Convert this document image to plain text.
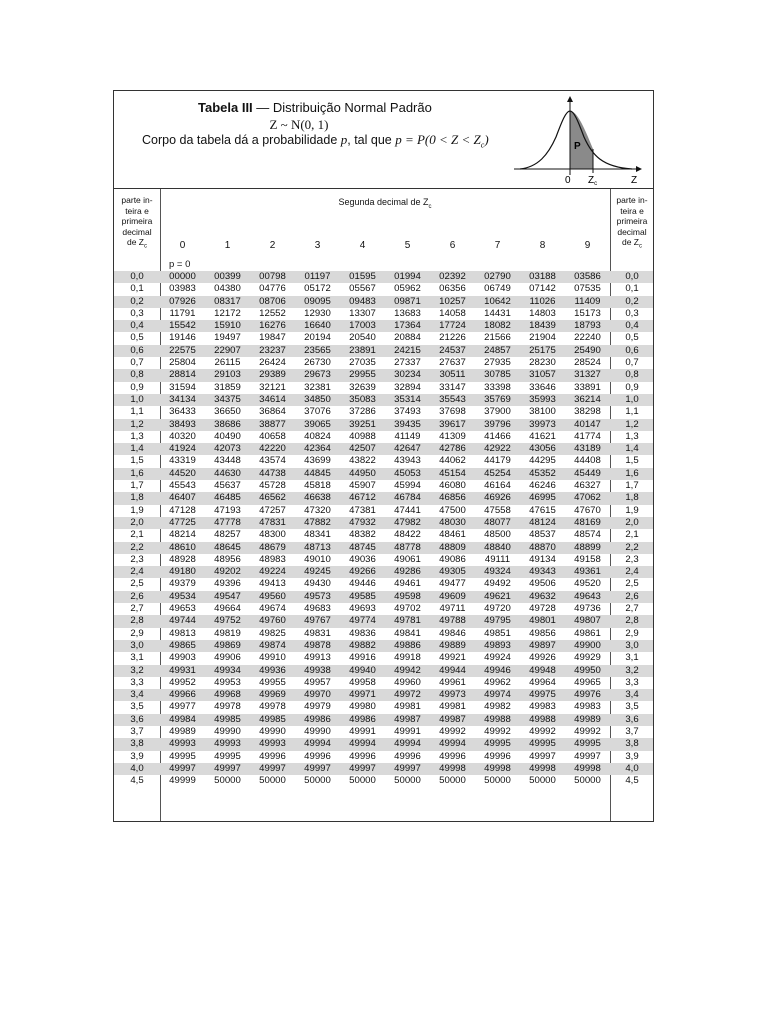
Tabela III — Distribuição Normal Padrão
Z ~ N(0, 1)
Corpo da tabela dá a probabilidade p, tal que $p = P(0 < Z < Z_c)$	P
0 $Z_c$	Z
parte in-
teira e
primeira
decimal
de $Z_c$
Segunda decimal de $Z_c$
0	1	2	3	4	5	6	7	8	9
parte in-
teira e
primeira
decimal
de $Z_c$
p = 0
0,0	00000	00399	00798	01197	01595	01994	02392	02790	03188	03586	0,0
0,1	03983	04380	04776	05172	05567	05962	06356	06749	07142	07535	0,1
0,2	07926	08317	08706	09095	09483	09871	10257	10642	11026	11409	0,2
0,3	11791	12172	12552	12930	13307	13683	14058	14431	14803	15173	0,3
0,4	15542	15910	16276	16640	17003	17364	17724	18082	18439	18793	0,4
0,5	19146	19497	19847	20194	20540	20884	21226	21566	21904	22240	0,5
0,6	22575	22907	23237	23565	23891	24215	24537	24857	25175	25490	0,6
0,7	25804	26115	26424	26730	27035	27337	27637	27935	28230	28524	0,7
0,8	28814	29103	29389	29673	29955	30234	30511	30785	31057	31327	0,8
0,9	31594	31859	32121	32381	32639	32894	33147	33398	33646	33891	0,9
1,0	34134	34375	34614	34850	35083	35314	35543	35769	35993	36214	1,0
1,1	36433	36650	36864	37076	37286	37493	37698	37900	38100	38298	1,1
1,2	38493	38686	38877	39065	39251	39435	39617	39796	39973	40147	1,2
1,3	40320	40490	40658	40824	40988	41149	41309	41466	41621	41774	1,3
1,4	41924	42073	42220	42364	42507	42647	42786	42922	43056	43189	1,4
1,5	43319	43448	43574	43699	43822	43943	44062	44179	44295	44408	1,5
1,6	44520	44630	44738	44845	44950	45053	45154	45254	45352	45449	1,6
1,7	45543	45637	45728	45818	45907	45994	46080	46164	46246	46327	1,7
1,8	46407	46485	46562	46638	46712	46784	46856	46926	46995	47062	1,8
1,9	47128	47193	47257	47320	47381	47441	47500	47558	47615	47670	1,9
2,0	47725	47778	47831	47882	47932	47982	48030	48077	48124	48169	2,0
2,1	48214	48257	48300	48341	48382	48422	48461	48500	48537	48574	2,1
2,2	48610	48645	48679	48713	48745	48778	48809	48840	48870	48899	2,2
2,3	48928	48956	48983	49010	49036	49061	49086	49111	49134	49158	2,3
2,4	49180	49202	49224	49245	49266	49286	49305	49324	49343	49361	2,4
2,5	49379	49396	49413	49430	49446	49461	49477	49492	49506	49520	2,5
2,6	49534	49547	49560	49573	49585	49598	49609	49621	49632	49643	2,6
2,7	49653	49664	49674	49683	49693	49702	49711	49720	49728	49736	2,7
2,8	49744	49752	49760	49767	49774	49781	49788	49795	49801	49807	2,8
2,9	49813	49819	49825	49831	49836	49841	49846	49851	49856	49861	2,9
3,0	49865	49869	49874	49878	49882	49886	49889	49893	49897	49900	3,0
3,1	49903	49906	49910	49913	49916	49918	49921	49924	49926	49929	3,1
3,2	49931	49934	49936	49938	49940	49942	49944	49946	49948	49950	3,2
3,3	49952	49953	49955	49957	49958	49960	49961	49962	49964	49965	3,3
3,4	49966	49968	49969	49970	49971	49972	49973	49974	49975	49976	3,4
3,5	49977	49978	49978	49979	49980	49981	49981	49982	49983	49983	3,5
3,6	49984	49985	49985	49986	49986	49987	49987	49988	49988	49989	3,6
3,7	49989	49990	49990	49990	49991	49991	49992	49992	49992	49992	3,7
3,8	49993	49993	49993	49994	49994	49994	49994	49995	49995	49995	3,8
3,9	49995	49995	49996	49996	49996	49996	49996	49996	49997	49997	3,9
4,0	49997	49997	49997	49997	49997	49997	49998	49998	49998	49998	4,0
4,5	49999	50000	50000	50000	50000	50000	50000	50000	50000	50000	4,5
